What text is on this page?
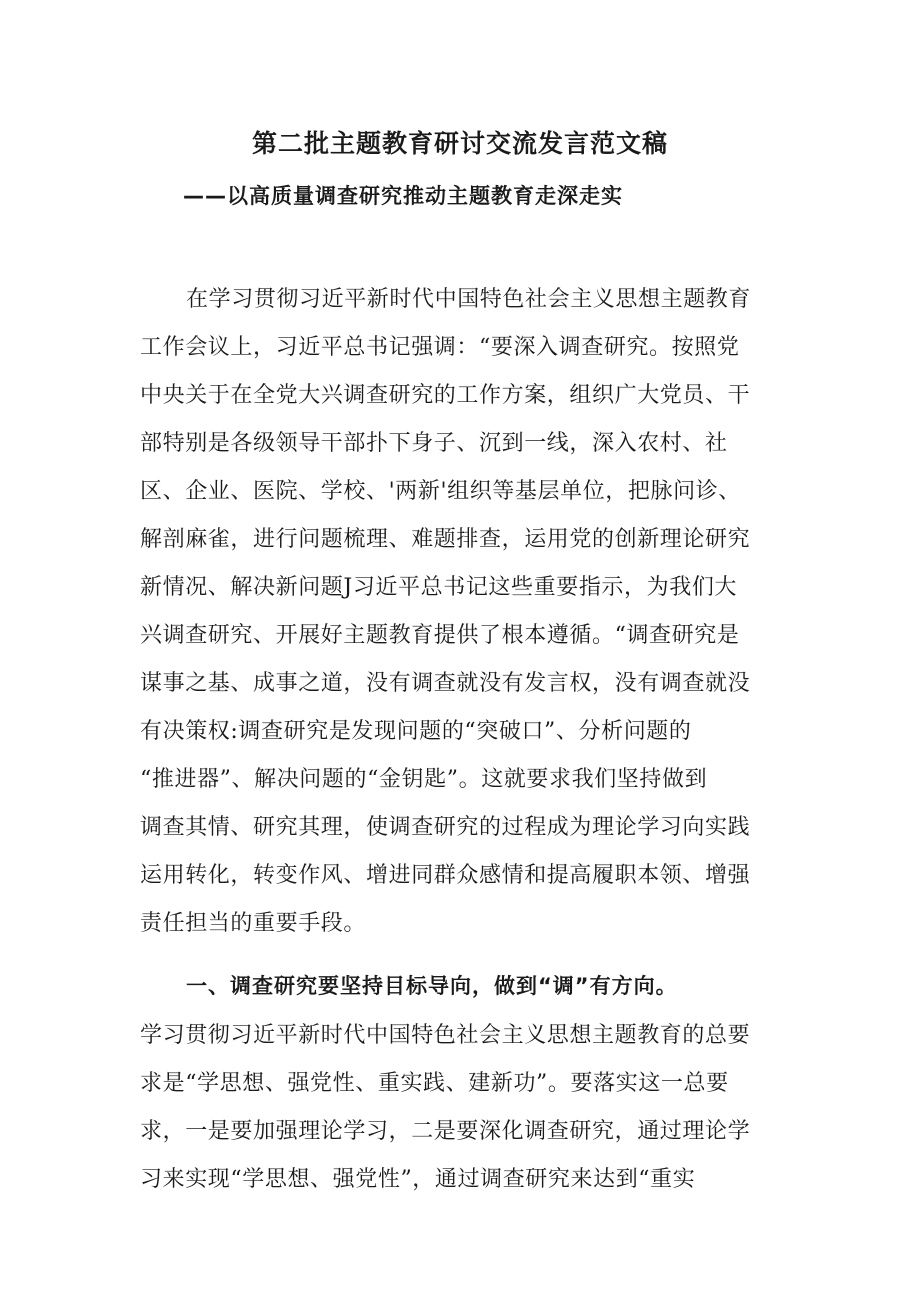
第二批主题教育研讨交流发言范文稿
——以高质量调查研究推动主题教育走深走实
在学习贯彻习近平新时代中国特色社会主义思想主题教育
工作会议上，习近平总书记强调：“要深入调查研究。按照党
中央关于在全党大兴调查研究的工作方案，组织广大党员、干
部特别是各级领导干部扑下身子、沉到一线，深入农村、社
区、企业、医院、学校、'两新'组织等基层单位，把脉问诊、
解剖麻雀，进行问题梳理、难题排查，运用党的创新理论研究
新情况、解决新问题J习近平总书记这些重要指示，为我们大
兴调查研究、开展好主题教育提供了根本遵循。“调查研究是
谋事之基、成事之道，没有调查就没有发言权，没有调查就没
有决策权:调查研究是发现问题的“突破口”、分析问题的
“推进器”、解决问题的“金钥匙”。这就要求我们坚持做到
调查其情、研究其理，使调查研究的过程成为理论学习向实践
运用转化，转变作风、增进同群众感情和提高履职本领、增强
责任担当的重要手段。
一、调查研究要坚持目标导向，做到“调”有方向。
学习贯彻习近平新时代中国特色社会主义思想主题教育的总要
求是“学思想、强党性、重实践、建新功”。要落实这一总要
求，一是要加强理论学习，二是要深化调查研究，通过理论学
习来实现“学思想、强党性”，通过调查研究来达到“重实
